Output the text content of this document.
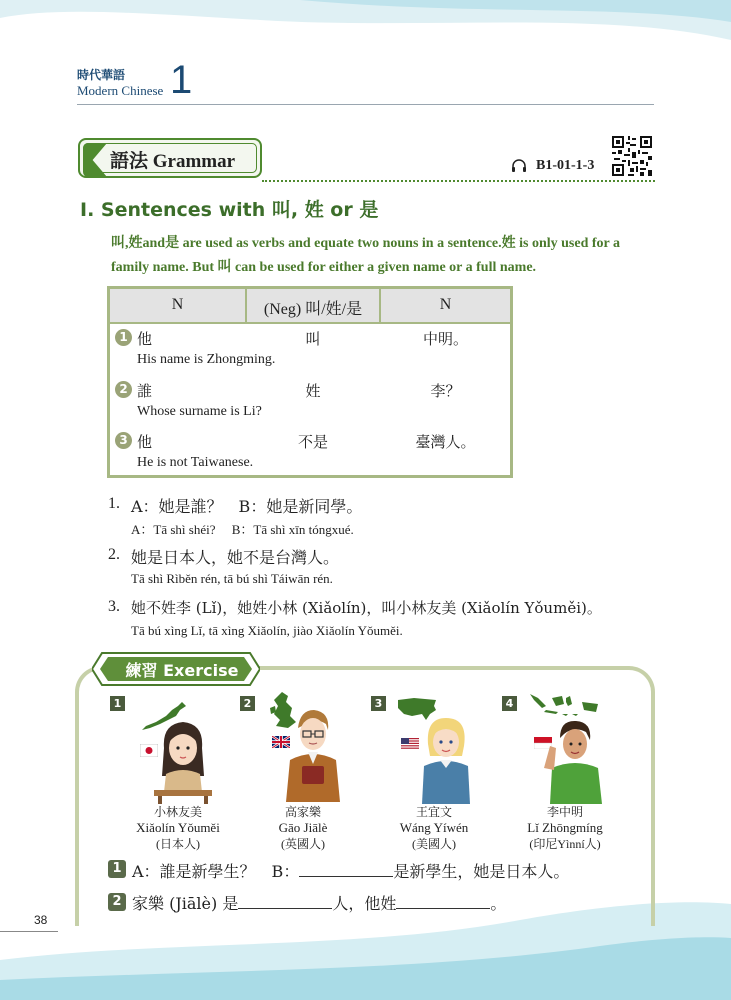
時代華語
Modern Chinese 1
語法 Grammar	B1-01-1-3
I. Sentences with 叫, 姓 or 是
叫,姓and是 are used as verbs and equate two nouns in a sentence.姓 is only used for a family name. But 叫 can be used for either a given name or a full name.
N	(Neg) 叫/姓/是	N
1 他	叫	中明。
His name is Zhongming.
2 誰	姓	李？
Whose surname is Li?
3 他	不是	臺灣人。
He is not Taiwanese.
1. A：她是誰？　B：她是新同學。
A：Tā shì shéi?　 B：Tā shì xīn tóngxué.
2. 她是日本人，她不是台灣人。
Tā shì Rìběn rén, tā bú shì Táiwān rén.
3. 她不姓李 (Lǐ)，她姓小林 (Xiǎolín)，叫小林友美 (Xiǎolín Yǒuměi)。
Tā bú xìng Lǐ, tā xìng Xiǎolín, jiào Xiǎolín Yǒuměi.
練習 Exercise
1
小林友美
Xiǎolín Yǒuměi
(日本人)
2
高家樂
Gāo Jiālè
(英國人)
3
王宜文
Wáng Yíwén
(美國人)
4
李中明
Lǐ Zhōngmíng
(印尼Yìnní人)
1 A：誰是新學生？　B：	是新學生，她是日本人。
2 家樂 (Jiālè) 是	人，他姓	。
38
